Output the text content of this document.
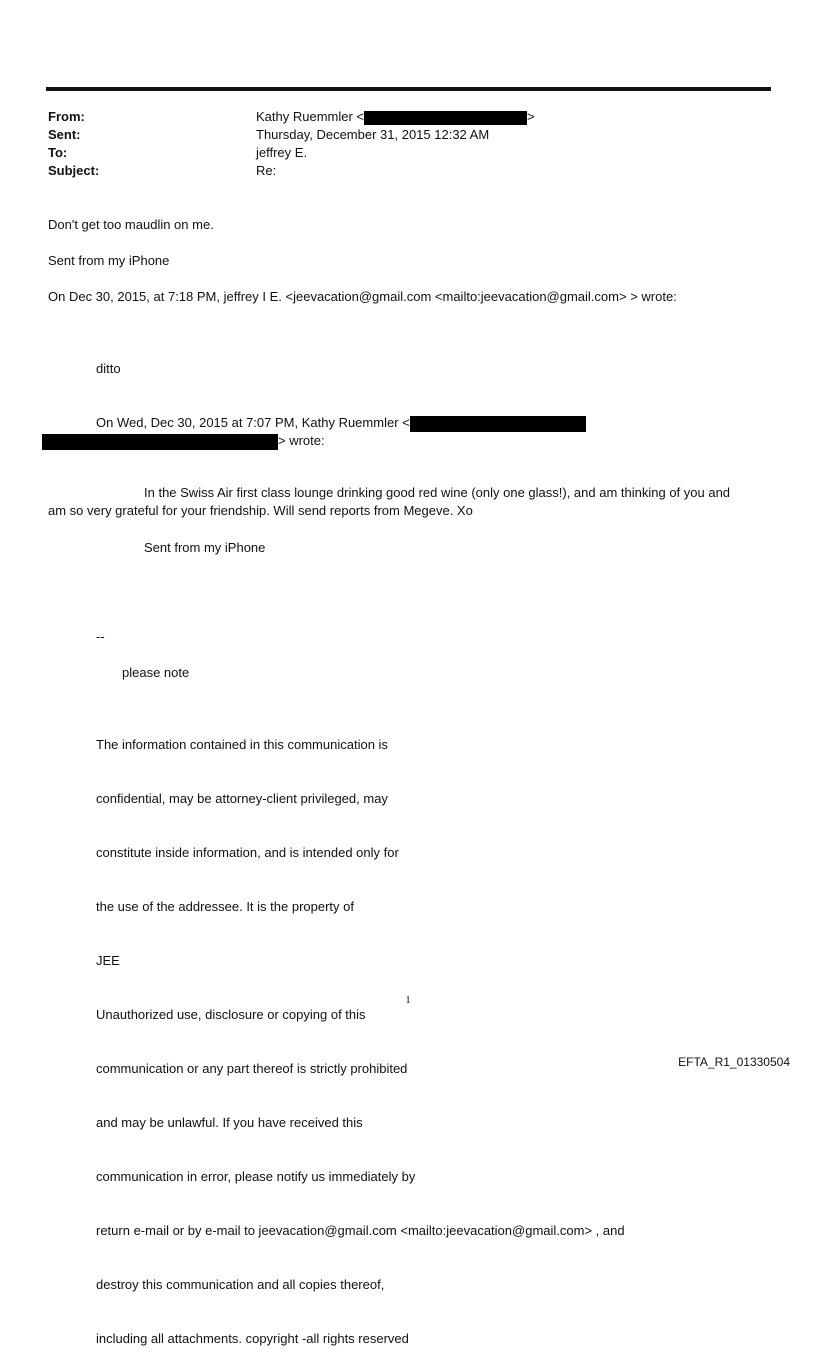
From:	Kathy Ruemmler <	>
Sent:	Thursday, December 31, 2015 12:32 AM
To:	jeffrey E.
Subject:	Re:
Don't get too maudlin on me.
Sent from my iPhone
On Dec 30, 2015, at 7:18 PM, jeffrey I E. <jeevacation@gmail.com <mailto:jeevacation@gmail.com> > wrote:
ditto
On Wed, Dec 30, 2015 at 7:07 PM, Kathy Ruemmler <
> wrote:
In the Swiss Air first class lounge drinking good red wine (only one glass!), and am thinking of you and
am so very grateful for your friendship. Will send reports from Megeve. Xo
Sent from my iPhone
--
please note

The information contained in this communication is

confidential, may be attorney-client privileged, may

constitute inside information, and is intended only for

the use of the addressee. It is the property of

JEE

Unauthorized use, disclosure or copying of this

communication or any part thereof is strictly prohibited

and may be unlawful. If you have received this

communication in error, please notify us immediately by

return e-mail or by e-mail to jeevacation@gmail.com <mailto:jeevacation@gmail.com> , and

destroy this communication and all copies thereof,

including all attachments. copyright -all rights reserved

1
EFTA_R1_01330504
